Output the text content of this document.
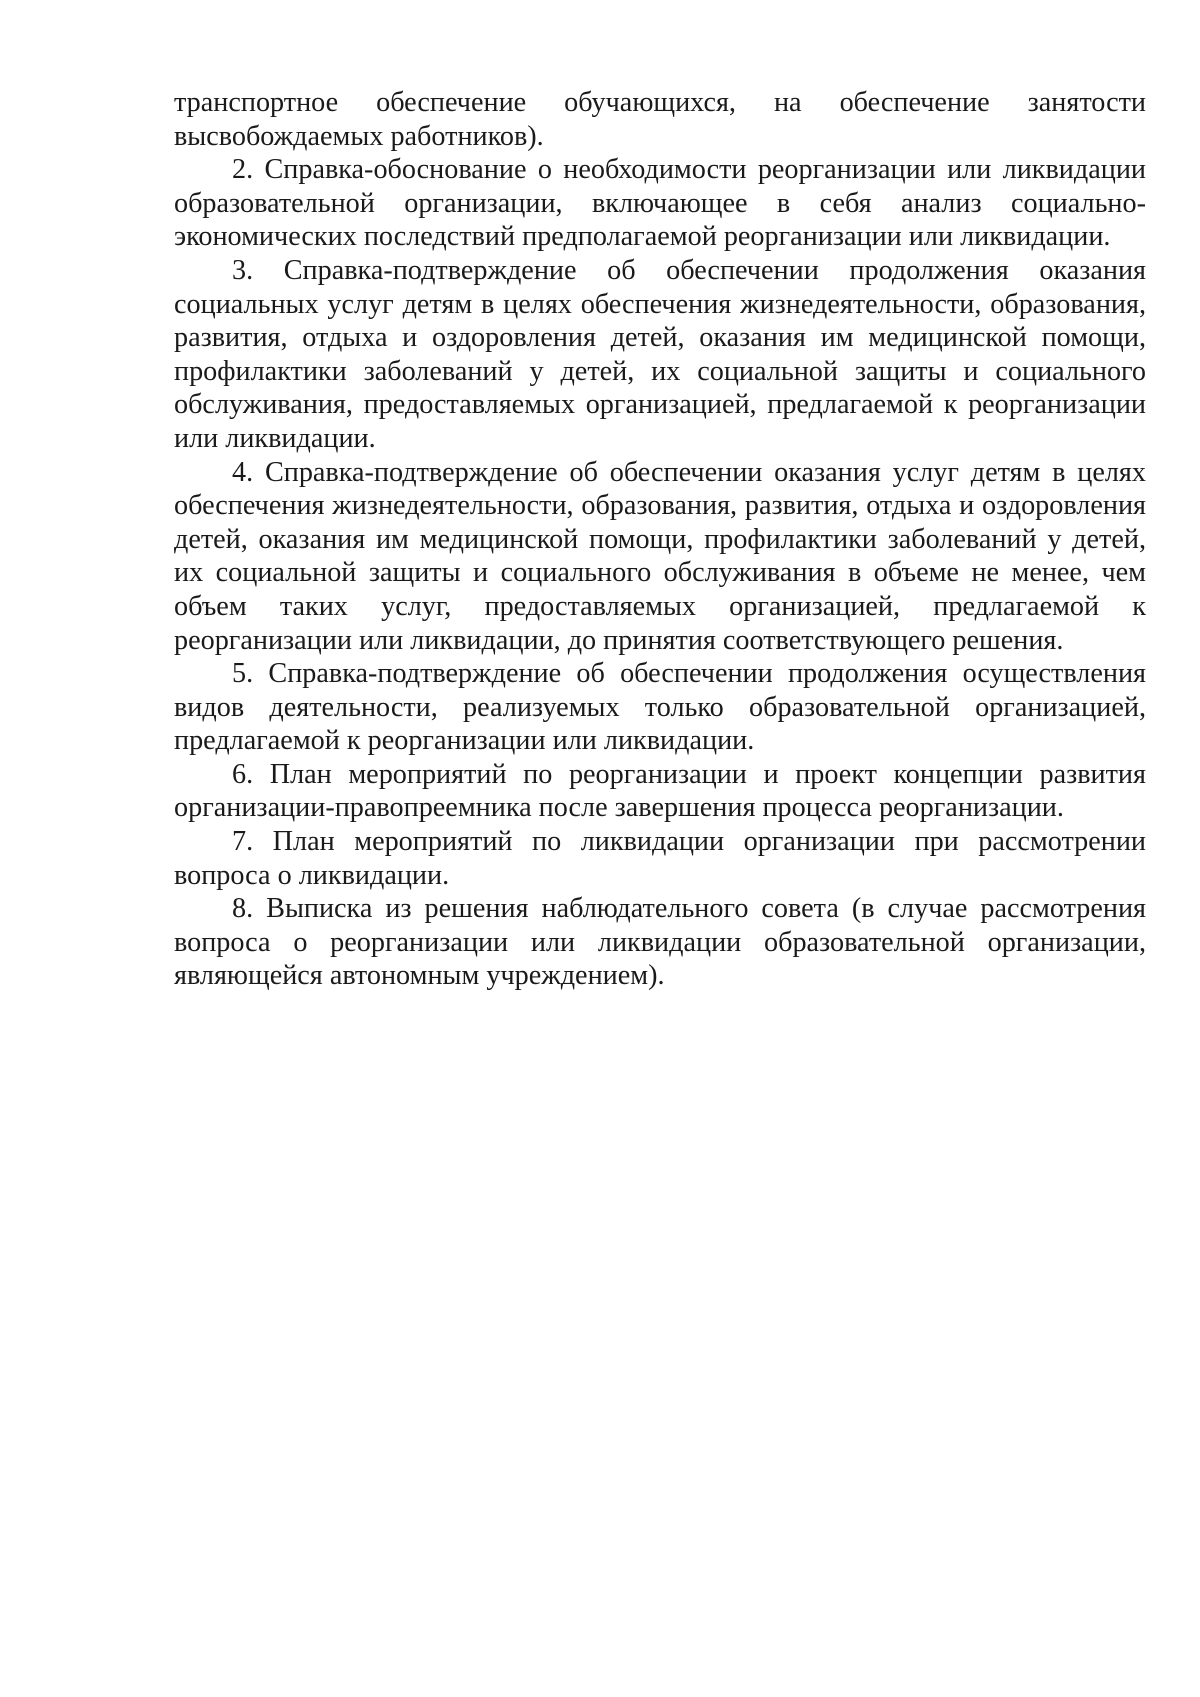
транспортное обеспечение обучающихся, на обеспечение занятости высвобождаемых работников).

2. Справка-обоснование о необходимости реорганизации или ликвидации образовательной организации, включающее в себя анализ социально-экономических последствий предполагаемой реорганизации или ликвидации.

3. Справка-подтверждение об обеспечении продолжения оказания социальных услуг детям в целях обеспечения жизнедеятельности, образования, развития, отдыха и оздоровления детей, оказания им медицинской помощи, профилактики заболеваний у детей, их социальной защиты и социального обслуживания, предоставляемых организацией, предлагаемой к реорганизации или ликвидации.

4. Справка-подтверждение об обеспечении оказания услуг детям в целях обеспечения жизнедеятельности, образования, развития, отдыха и оздоровления детей, оказания им медицинской помощи, профилактики заболеваний у детей, их социальной защиты и социального обслуживания в объеме не менее, чем объем таких услуг, предоставляемых организацией, предлагаемой к реорганизации или ликвидации, до принятия соответствующего решения.

5. Справка-подтверждение об обеспечении продолжения осуществления видов деятельности, реализуемых только образовательной организацией, предлагаемой к реорганизации или ликвидации.

6. План мероприятий по реорганизации и проект концепции развития организации-правопреемника после завершения процесса реорганизации.

7. План мероприятий по ликвидации организации при рассмотрении вопроса о ликвидации.

8. Выписка из решения наблюдательного совета (в случае рассмотрения вопроса о реорганизации или ликвидации образовательной организации, являющейся автономным учреждением).
